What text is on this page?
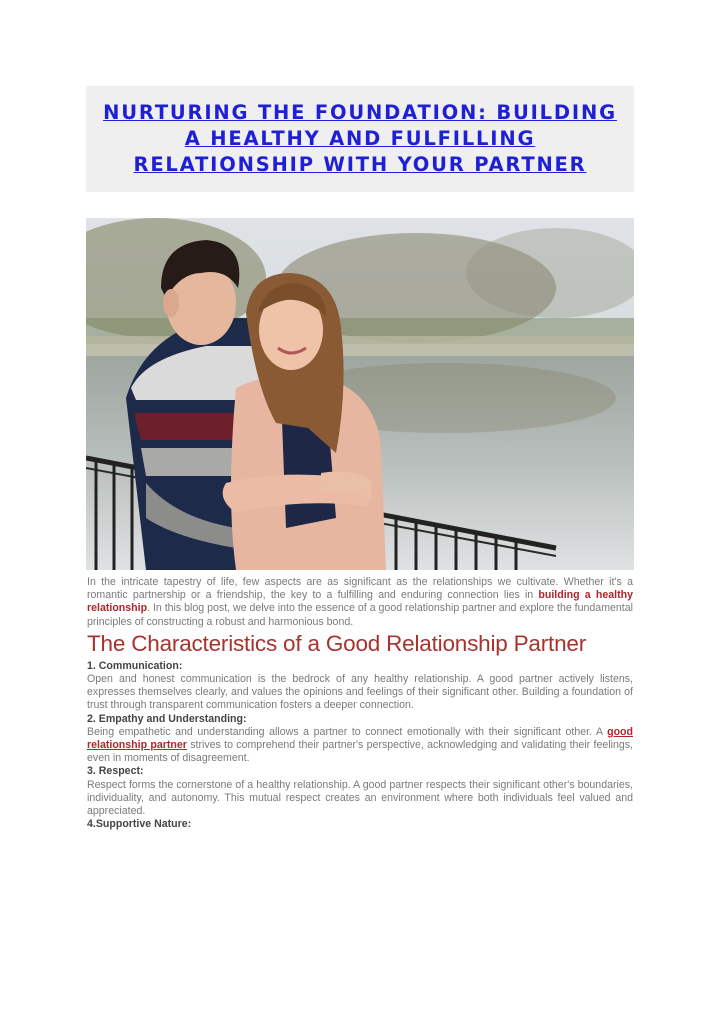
NURTURING THE FOUNDATION: BUILDING A HEALTHY AND FULFILLING RELATIONSHIP WITH YOUR PARTNER

In the intricate tapestry of life, few aspects are as significant as the relationships we cultivate. Whether it's a romantic partnership or a friendship, the key to a fulfilling and enduring connection lies in building a healthy relationship. In this blog post, we delve into the essence of a good relationship partner and explore the fundamental principles of constructing a robust and harmonious bond.

The Characteristics of a Good Relationship Partner

1. Communication:

Open and honest communication is the bedrock of any healthy relationship. A good partner actively listens, expresses themselves clearly, and values the opinions and feelings of their significant other. Building a foundation of trust through transparent communication fosters a deeper connection.

2. Empathy and Understanding:

Being empathetic and understanding allows a partner to connect emotionally with their significant other. A good relationship partner strives to comprehend their partner's perspective, acknowledging and validating their feelings, even in moments of disagreement.

3. Respect:

Respect forms the cornerstone of a healthy relationship. A good partner respects their significant other's boundaries, individuality, and autonomy. This mutual respect creates an environment where both individuals feel valued and appreciated.

4.Supportive Nature:
